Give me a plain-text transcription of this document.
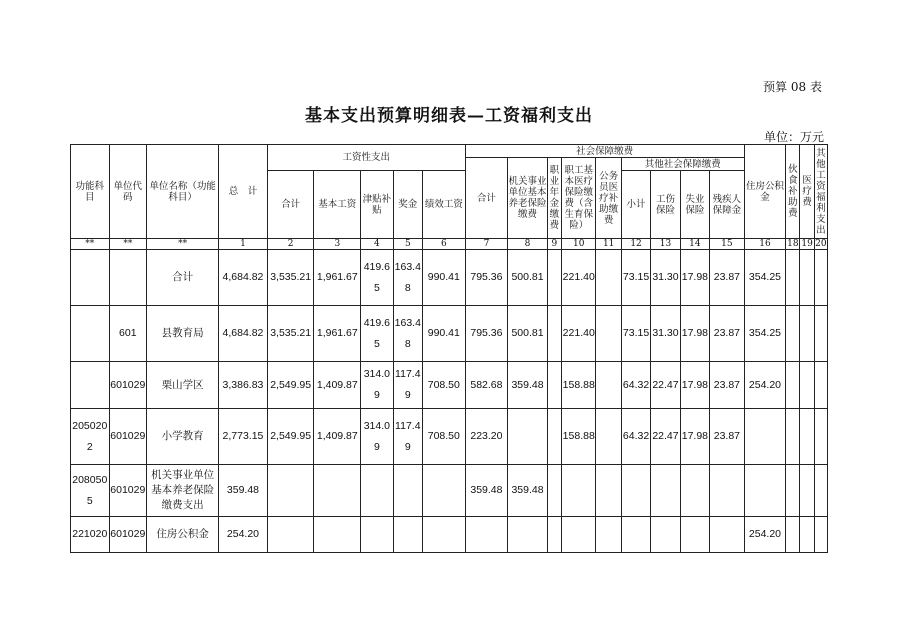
预算 08 表
基本支出预算明细表—工资福利支出
单位：万元
功能科目	单位代码	单位名称（功能科目）	总　计	工资性支出					社会保障缴费									住房公积金	伙食补助费	医疗费	其他工资福利支出
									合计	机关事业单位基本养老保险缴费	职业年金缴费	职工基本医疗保险缴费（含生育保险）	公务员医疗补助缴费	其他社会保障缴费							
				合计	基本工资	津贴补贴	奖金	绩效工资						小计	工伤保险	失业保险	残疾人保障金				
**	**	**	1	2	3	4	5	6	7	8	9	10	11	12	13	14	15	16	18	19	20
		合计	4,684.82	3,535.21	1,961.67	419.65	163.48	990.41	795.36	500.81		221.40		73.15	31.30	17.98	23.87	354.25			
	601	县教育局	4,684.82	3,535.21	1,961.67	419.65	163.48	990.41	795.36	500.81		221.40		73.15	31.30	17.98	23.87	354.25			
	601029	栗山学区	3,386.83	2,549.95	1,409.87	314.09	117.49	708.50	582.68	359.48		158.88		64.32	22.47	17.98	23.87	254.20			
2050202	601029	小学教育	2,773.15	2,549.95	1,409.87	314.09	117.49	708.50	223.20			158.88		64.32	22.47	17.98	23.87				
2080505	601029	机关事业单位基本养老保险缴费支出	359.48						359.48	359.48											
221020	601029	住房公积金	254.20															254.20			
